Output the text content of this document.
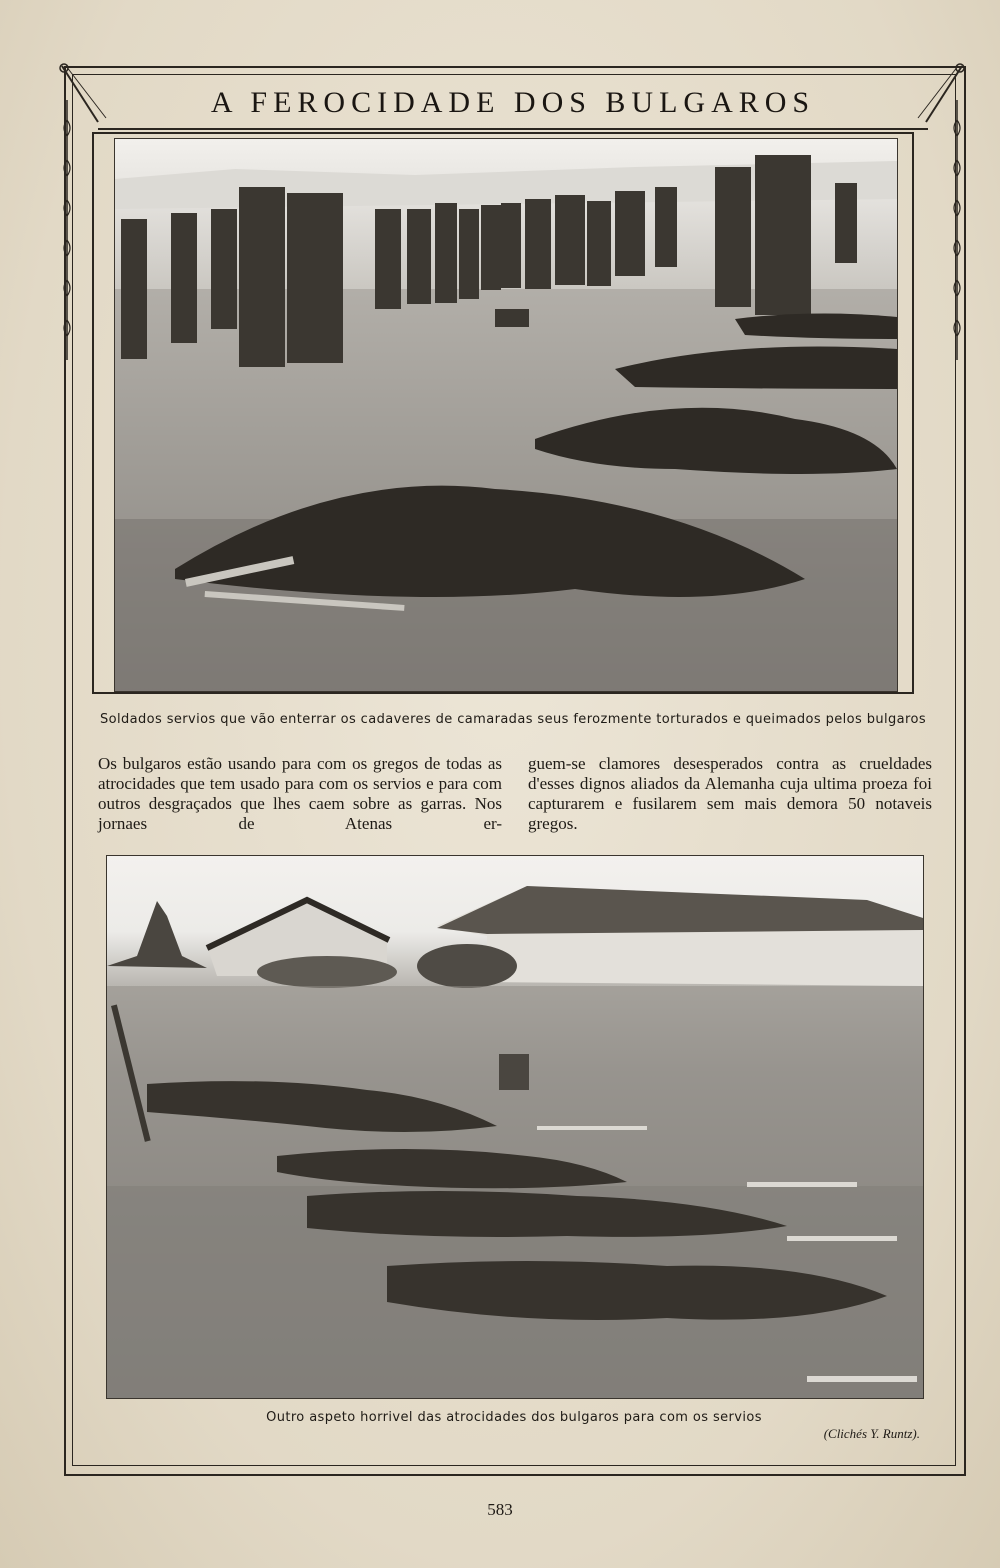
A FEROCIDADE DOS BULGAROS
Soldados servios que vão enterrar os cadaveres de camaradas seus ferozmente torturados e queimados pelos bulgaros
Os bulgaros estão usando para com os gregos de todas as atrocidades que tem usado para com os servios e para com outros desgraçados que lhes caem sobre as garras. Nos jornaes de Atenas er-
guem-se clamores desesperados contra as crueldades d'esses dignos aliados da Alemanha cuja ultima proeza foi capturarem e fusilarem sem mais demora 50 notaveis gregos.
Outro aspeto horrivel das atrocidades dos bulgaros para com os servios
(Clichés Y. Runtz).
583
